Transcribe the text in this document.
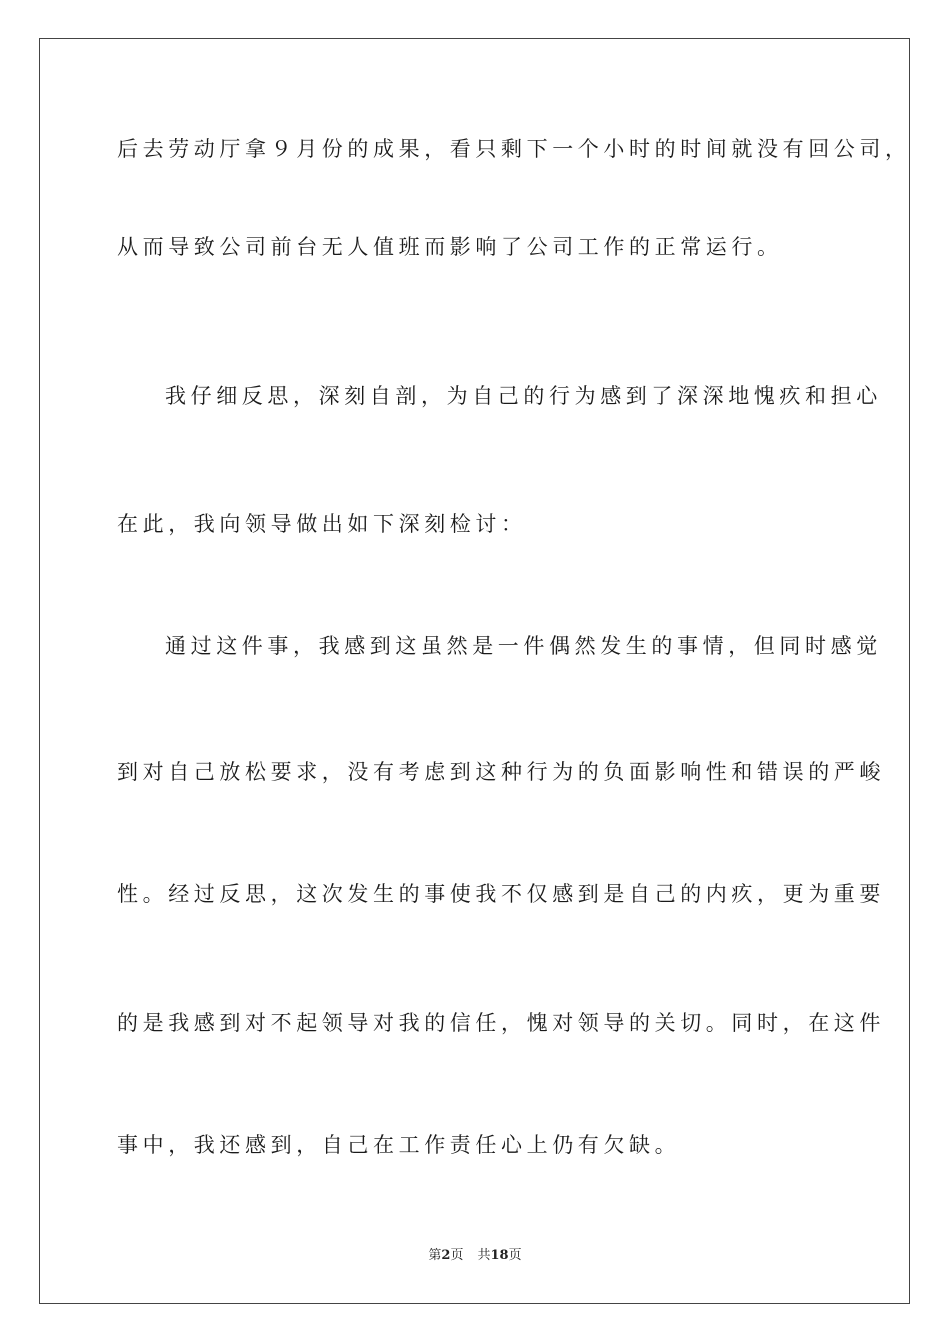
后去劳动厅拿９月份的成果，看只剩下一个小时的时间就没有回公司，
从而导致公司前台无人值班而影响了公司工作的正常运行。
我仔细反思，深刻自剖，为自己的行为感到了深深地愧疚和担心
在此，我向领导做出如下深刻检讨：
通过这件事，我感到这虽然是一件偶然发生的事情，但同时感觉
到对自己放松要求，没有考虑到这种行为的负面影响性和错误的严峻
性。经过反思，这次发生的事使我不仅感到是自己的内疚，更为重要
的是我感到对不起领导对我的信任，愧对领导的关切。同时，在这件
事中，我还感到，自己在工作责任心上仍有欠缺。
第2页 共18页
